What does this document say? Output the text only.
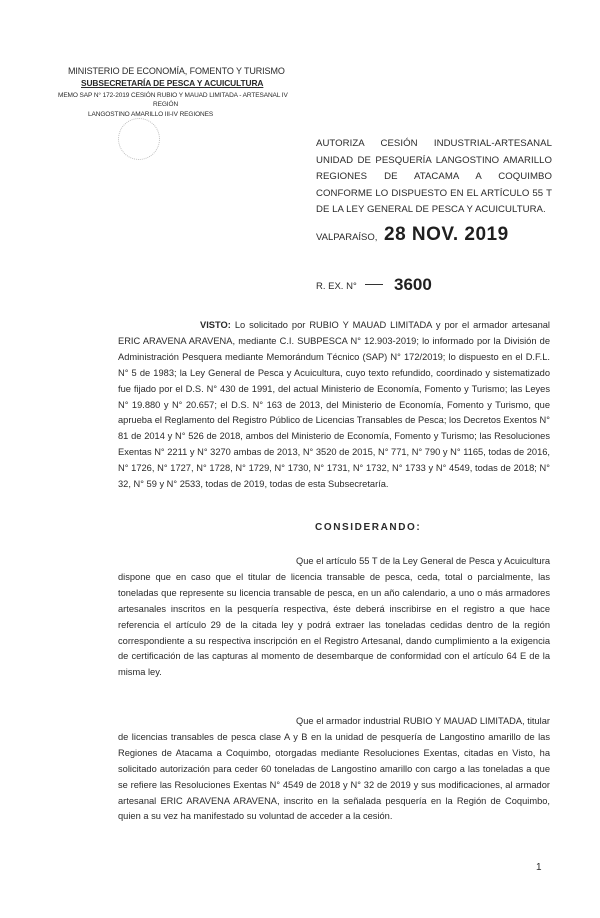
MINISTERIO DE ECONOMÍA, FOMENTO Y TURISMO
SUBSECRETARÍA DE PESCA Y ACUICULTURA
MEMO SAP N° 172-2019 CESIÓN RUBIO Y MAUAD LIMITADA - ARTESANAL IV
REGIÓN
LANGOSTINO AMARILLO III-IV REGIONES
AUTORIZA CESIÓN INDUSTRIAL-ARTESANAL UNIDAD DE PESQUERÍA LANGOSTINO AMARILLO REGIONES DE ATACAMA A COQUIMBO CONFORME LO DISPUESTO EN EL ARTÍCULO 55 T DE LA LEY GENERAL DE PESCA Y ACUICULTURA.
VALPARAÍSO, 28 NOV. 2019
R. EX. N° 3600
VISTO: Lo solicitado por RUBIO Y MAUAD LIMITADA y por el armador artesanal ERIC ARAVENA ARAVENA, mediante C.I. SUBPESCA N° 12.903-2019; lo informado por la División de Administración Pesquera mediante Memorándum Técnico (SAP) N° 172/2019; lo dispuesto en el D.F.L. N° 5 de 1983; la Ley General de Pesca y Acuicultura, cuyo texto refundido, coordinado y sistematizado fue fijado por el D.S. N° 430 de 1991, del actual Ministerio de Economía, Fomento y Turismo; las Leyes N° 19.880 y N° 20.657; el D.S. N° 163 de 2013, del Ministerio de Economía, Fomento y Turismo, que aprueba el Reglamento del Registro Público de Licencias Transables de Pesca; los Decretos Exentos N° 81 de 2014 y N° 526 de 2018, ambos del Ministerio de Economía, Fomento y Turismo; las Resoluciones Exentas N° 2211 y N° 3270 ambas de 2013, N° 3520 de 2015, N° 771, N° 790 y N° 1165, todas de 2016, N° 1726, N° 1727, N° 1728, N° 1729, N° 1730, N° 1731, N° 1732, N° 1733 y N° 4549, todas de 2018; N° 32, N° 59 y N° 2533, todas de 2019, todas de esta Subsecretaría.
CONSIDERANDO:
Que el artículo 55 T de la Ley General de Pesca y Acuicultura dispone que en caso que el titular de licencia transable de pesca, ceda, total o parcialmente, las toneladas que represente su licencia transable de pesca, en un año calendario, a uno o más armadores artesanales inscritos en la pesquería respectiva, éste deberá inscribirse en el registro a que hace referencia el artículo 29 de la citada ley y podrá extraer las toneladas cedidas dentro de la región correspondiente a su respectiva inscripción en el Registro Artesanal, dando cumplimiento a la exigencia de certificación de las capturas al momento de desembarque de conformidad con el artículo 64 E de la misma ley.
Que el armador industrial RUBIO Y MAUAD LIMITADA, titular de licencias transables de pesca clase A y B en la unidad de pesquería de Langostino amarillo de las Regiones de Atacama a Coquimbo, otorgadas mediante Resoluciones Exentas, citadas en Visto, ha solicitado autorización para ceder 60 toneladas de Langostino amarillo con cargo a las toneladas a que se refiere las Resoluciones Exentas N° 4549 de 2018 y N° 32 de 2019 y sus modificaciones, al armador artesanal ERIC ARAVENA ARAVENA, inscrito en la señalada pesquería en la Región de Coquimbo, quien a su vez ha manifestado su voluntad de acceder a la cesión.
1
